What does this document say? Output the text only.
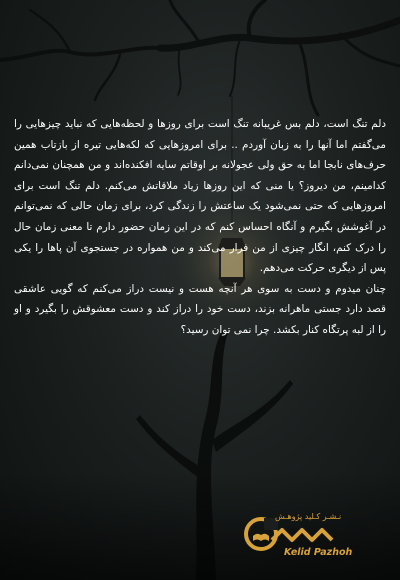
دلم تنگ است، دلم بس غریبانه تنگ است برای روزها و لحظه‌هایی که نباید چیزهایی را می‌گفتم اما آنها را به زبان آوردم .. برای امروزهایی که لکه‌هایی تیره از بازتاب همین حرف‌های نابجا اما به حق ولی عجولانه بر اوقاتم سایه افکنده‌اند و من همچنان نمی‌دانم کدامینم، من دیروز؟ یا منی که این روزها زیاد ملاقاتش می‌کنم. دلم تنگ است برای امروزهایی که حتی نمی‌شود یک ساعتش را زندگی کرد، برای زمان حالی که نمی‌توانم در آغوشش بگیرم و آنگاه احساس کنم که در این زمان حضور دارم تا معنی زمان حال را درک کنم، انگار چیزی از من فرار می‌کند و من همواره در جستجوی آن پاها را یکی پس از دیگری حرکت می‌دهم.

چنان میدوم و دست به سوی هر آنچه هست و نیست دراز می‌کنم که گویی عاشقی قصد دارد جستی ماهرانه بزند، دست خود را دراز کند و دست معشوقش را بگیرد و او را از لبه پرتگاه کنار بکشد. چرا نمی توان رسید؟

نـشـر کـلید پژوهـش
Kelid Pazhoh
